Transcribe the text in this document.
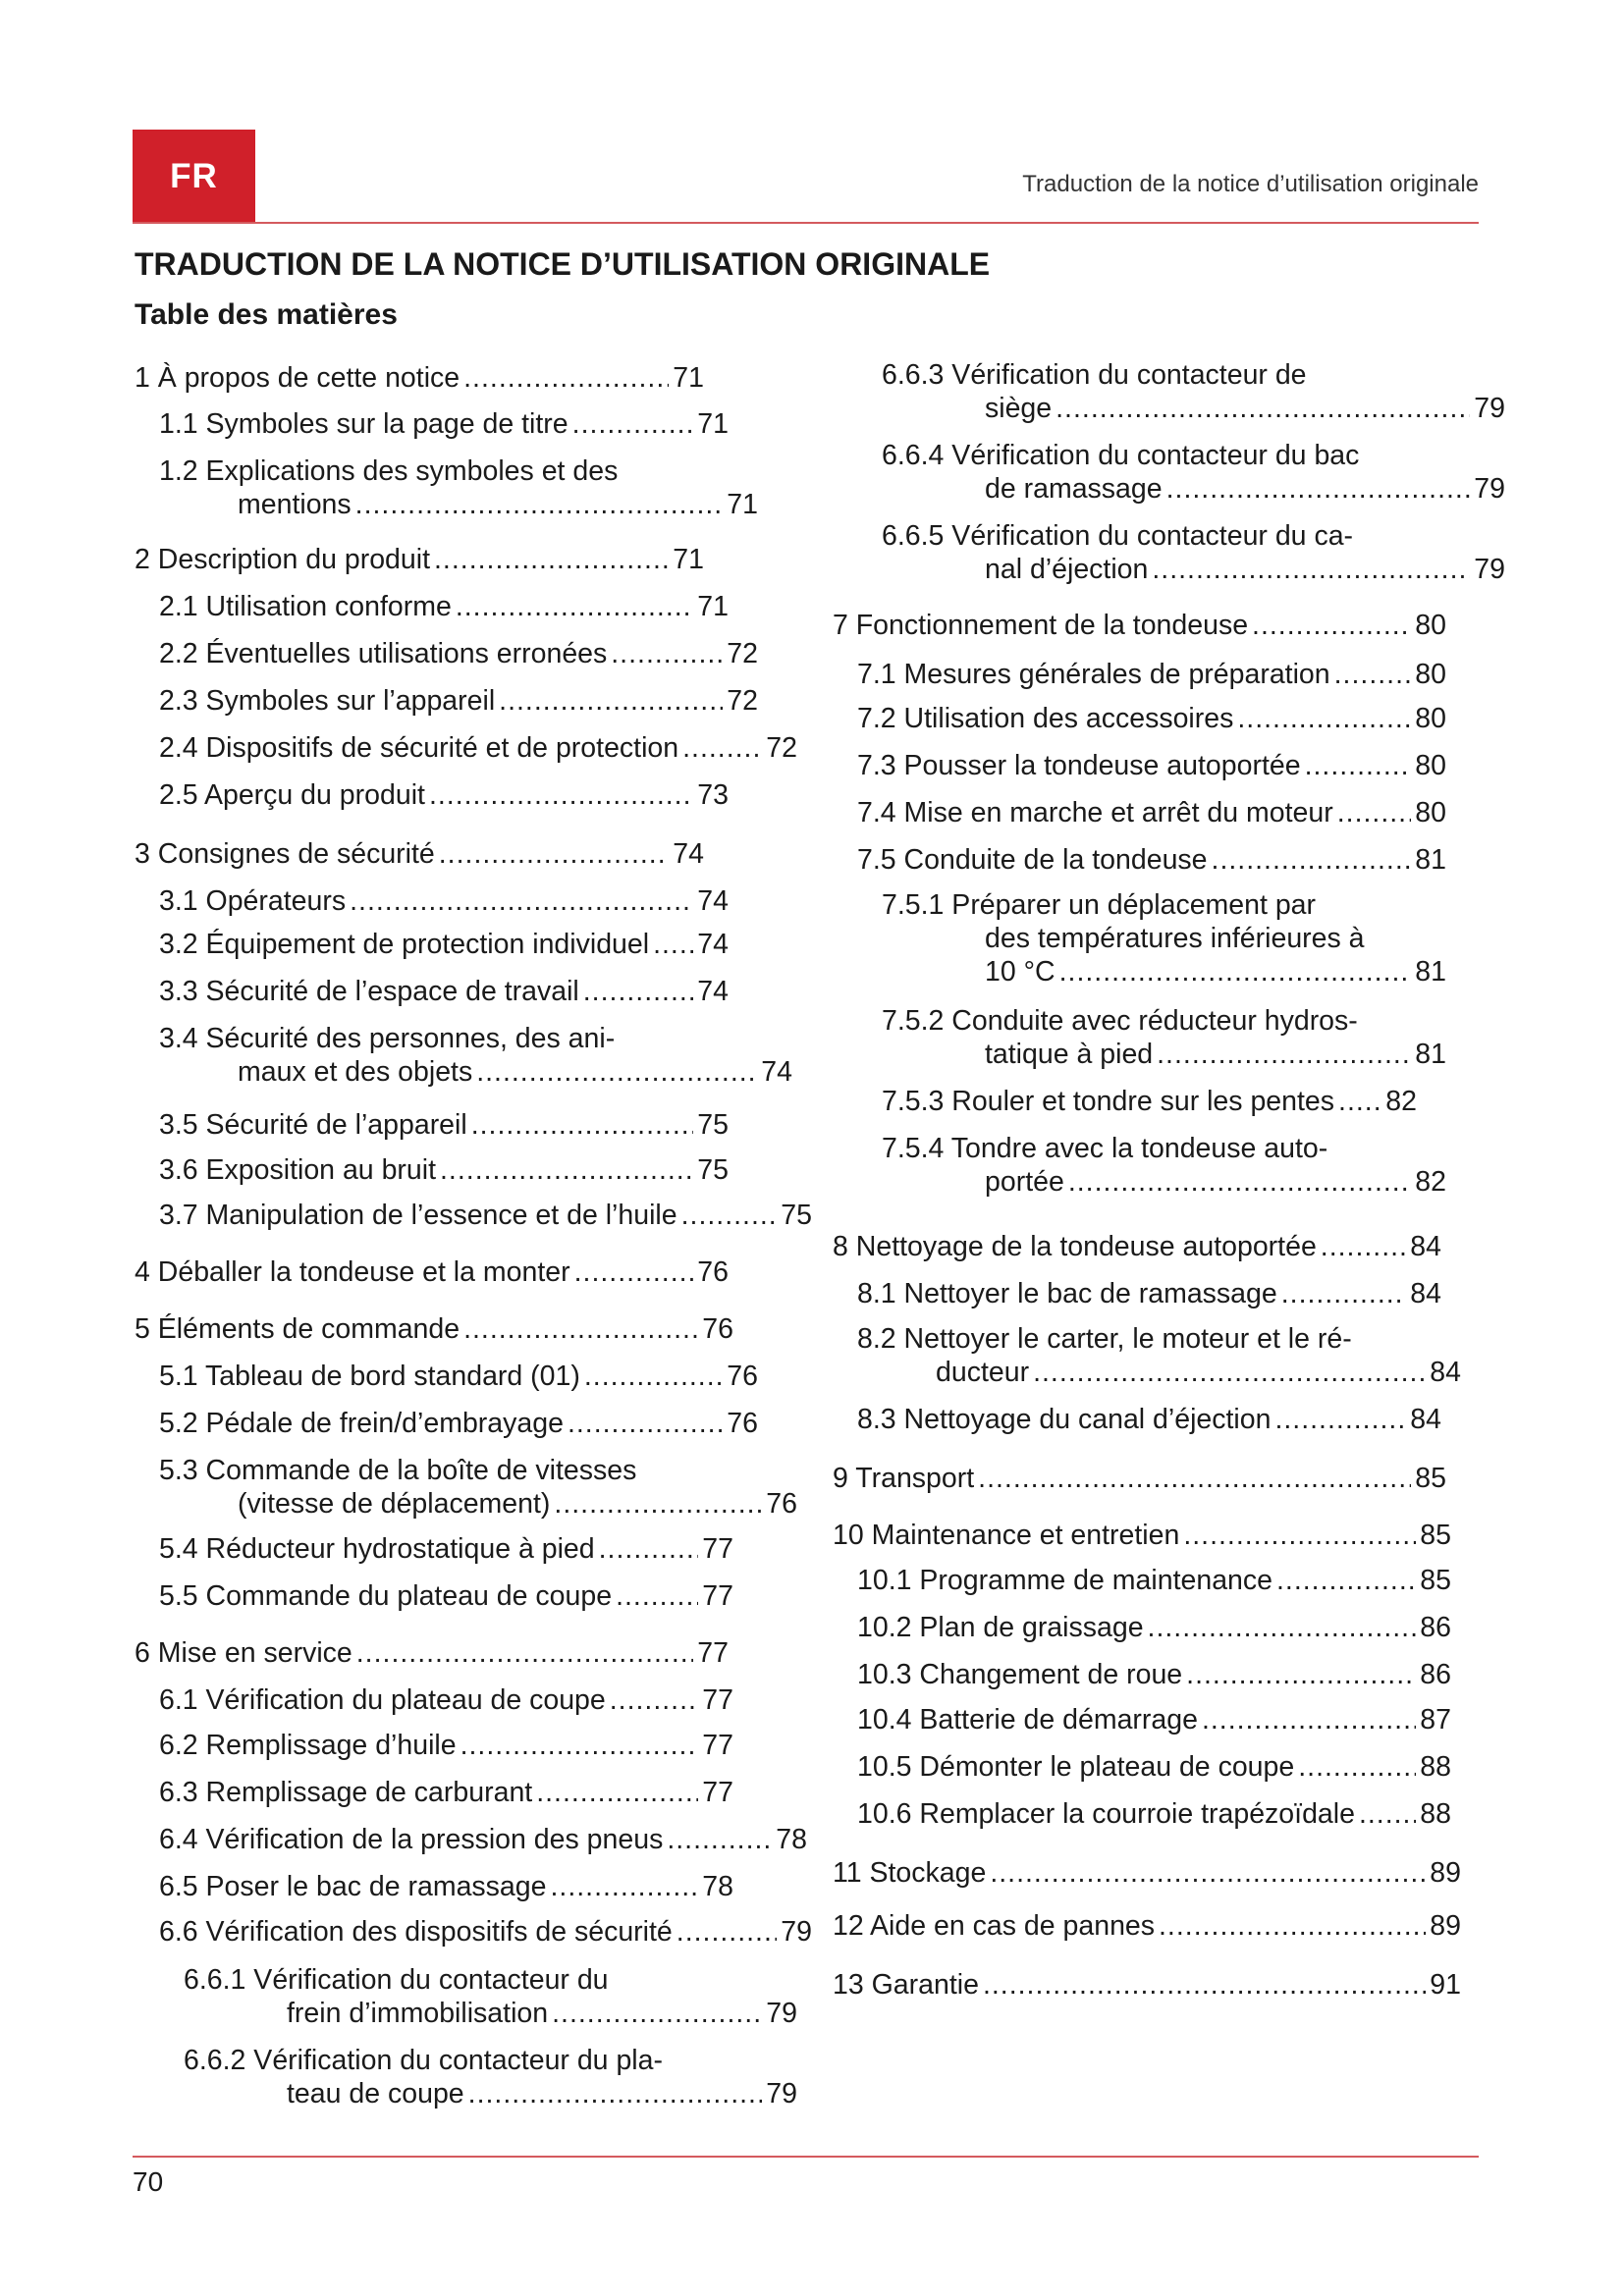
FR	Traduction de la notice d’utilisation originale
TRADUCTION DE LA NOTICE D’UTILISATION ORIGINALE
Table des matières
1 À propos de cette notice .....	71
1.1 Symboles sur la page de titre .....	71
1.2 Explications des symboles et des
mentions .....	71
2 Description du produit .....	71
2.1 Utilisation conforme .....	71
2.2 Éventuelles utilisations erronées .....	72
2.3 Symboles sur l’appareil .....	72
2.4 Dispositifs de sécurité et de protection .....	72
2.5 Aperçu du produit .....	73
3 Consignes de sécurité .....	74
3.1 Opérateurs .....	74
3.2 Équipement de protection individuel ..... 74
3.3 Sécurité de l’espace de travail .....	74
3.4 Sécurité des personnes, des ani-
maux et des objets .....	74
3.5 Sécurité de l’appareil .....	75
3.6 Exposition au bruit .....	75
3.7 Manipulation de l’essence et de l’huile .....	75
4 Déballer la tondeuse et la monter .....	76
5 Éléments de commande .....	76
5.1 Tableau de bord standard (01) .....	76
5.2 Pédale de frein/d’embrayage .....	76
5.3 Commande de la boîte de vitesses
(vitesse de déplacement) .....	76
5.4 Réducteur hydrostatique à pied .....	77
5.5 Commande du plateau de coupe .....	77
6 Mise en service .....	77
6.1 Vérification du plateau de coupe .....	77
6.2 Remplissage d’huile .....	77
6.3 Remplissage de carburant .....	77
6.4 Vérification de la pression des pneus .....	78
6.5 Poser le bac de ramassage .....	78
6.6 Vérification des dispositifs de sécurité .....	79
6.6.1 Vérification du contacteur du
frein d’immobilisation .....	79
6.6.2 Vérification du contacteur du pla-
teau de coupe .....	79
6.6.3 Vérification du contacteur de
siège .....	79
6.6.4 Vérification du contacteur du bac
de ramassage .....	79
6.6.5 Vérification du contacteur du ca-
nal d’éjection .....	79
7 Fonctionnement de la tondeuse .....	80
7.1 Mesures générales de préparation .....	80
7.2 Utilisation des accessoires .....	80
7.3 Pousser la tondeuse autoportée .....	80
7.4 Mise en marche et arrêt du moteur .....	80
7.5 Conduite de la tondeuse .....	81
7.5.1 Préparer un déplacement par
des températures inférieures à
10 °C .....	81
7.5.2 Conduite avec réducteur hydros-
tatique à pied .....	81
7.5.3 Rouler et tondre sur les pentes ..... 82
7.5.4 Tondre avec la tondeuse auto-
portée .....	82
8 Nettoyage de la tondeuse autoportée .....	84
8.1 Nettoyer le bac de ramassage .....	84
8.2 Nettoyer le carter, le moteur et le ré-
ducteur .....	84
8.3 Nettoyage du canal d’éjection .....	84
9 Transport .....	85
10 Maintenance et entretien .....	85
10.1 Programme de maintenance .....	85
10.2 Plan de graissage .....	86
10.3 Changement de roue .....	86
10.4 Batterie de démarrage .....	87
10.5 Démonter le plateau de coupe .....	88
10.6 Remplacer la courroie trapézoïdale ..... 88
11 Stockage .....	89
12 Aide en cas de pannes .....	89
13 Garantie .....	91
70
